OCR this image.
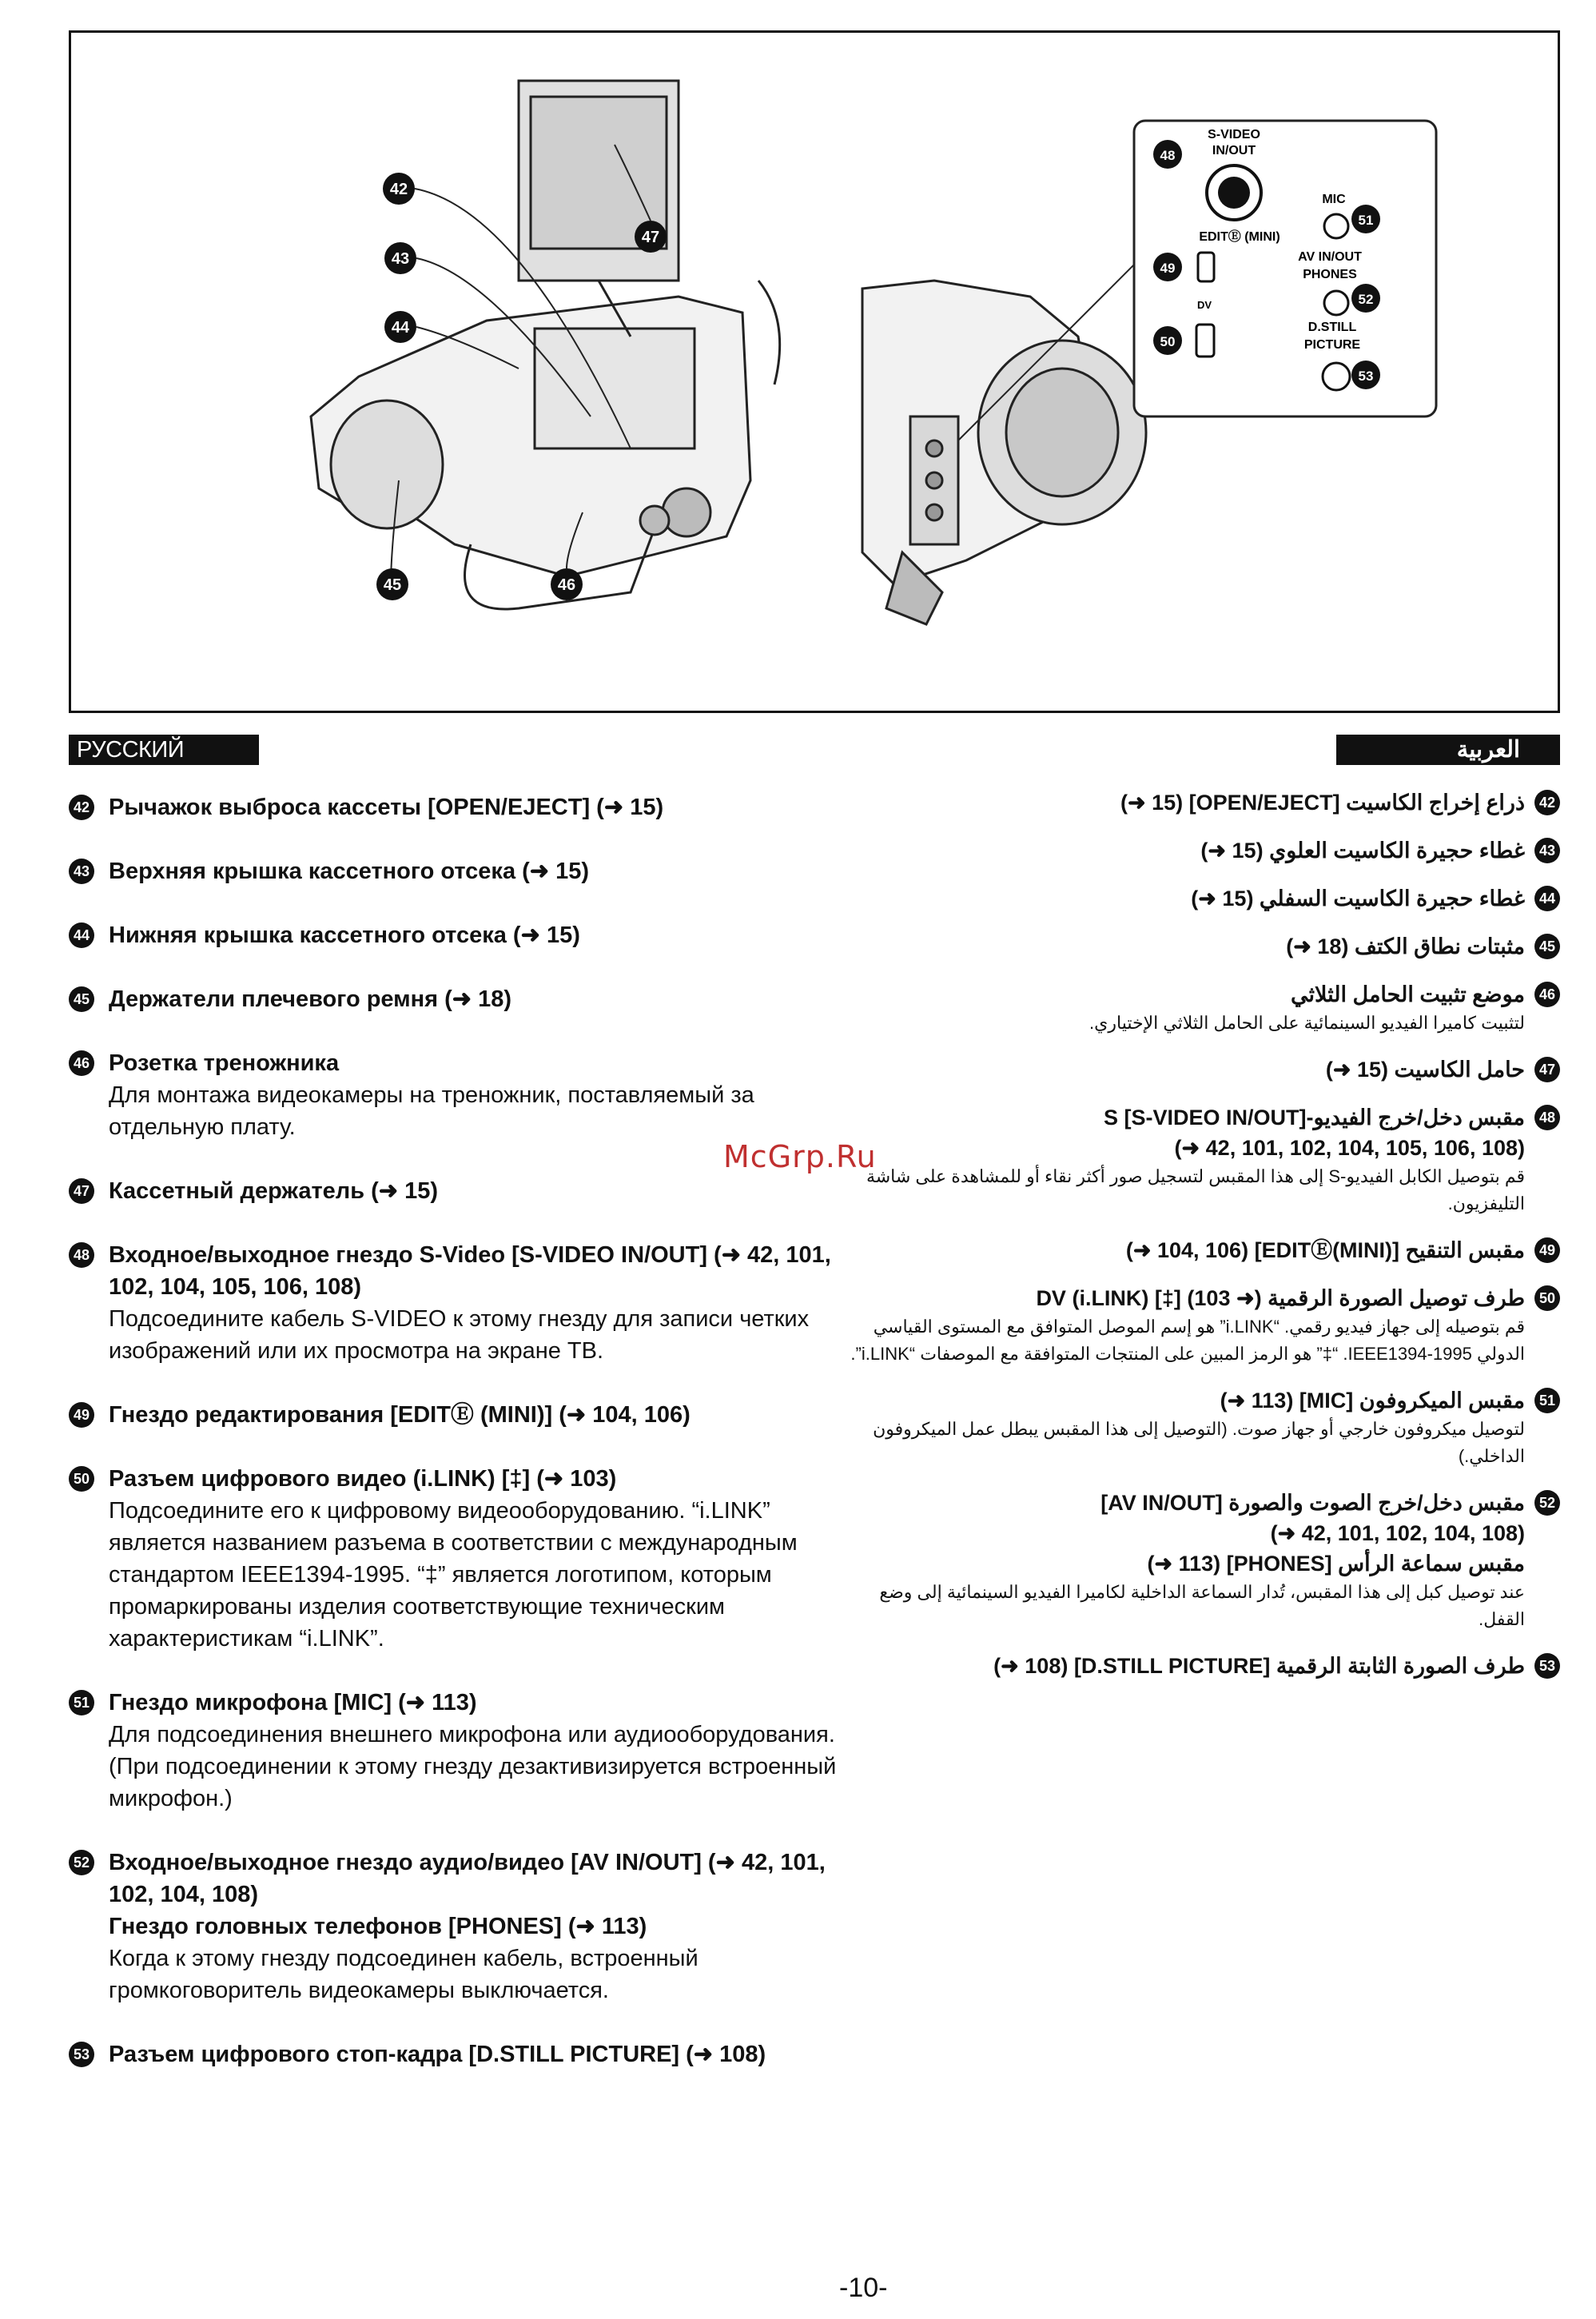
42
43
44
45	46
47
48
S-VIDEO
IN/OUT
EDITⒺ (MINI)
49
DV
50
MIC
51
AV IN/OUT
PHONES
52
D.STILL
PICTURE
53
РУССКИЙ ЯЗЫК
العربية
42 Рычажок выброса кассеты [OPEN/EJECT] (➜ 15)
43 Верхняя крышка кассетного отсека (➜ 15)
44 Нижняя крышка кассетного отсека (➜ 15)
45 Держатели плечевого ремня (➜ 18)
46 Розетка треножника
Для монтажа видеокамеры на треножник, поставляемый за отдельную плату.
47 Кассетный держатель (➜ 15)
48 Входное/выходное гнездо S-Video [S-VIDEO IN/OUT] (➜ 42, 101, 102, 104, 105, 106, 108)
Подсоедините кабель S-VIDEO к этому гнезду для записи четких изображений или их просмотра на экране ТВ.
49 Гнездо редактирования [EDITⒺ (MINI)] (➜ 104, 106)
50 Разъем цифрового видео (i.LINK) [‡] (➜ 103)
Подсоедините его к цифровому видеооборудованию. “i.LINK” является названием разъема в соответствии с международным стандартом IEEE1394-1995. “‡” является логотипом, которым промаркированы изделия соответствующие техническим характеристикам “i.LINK”.
51 Гнездо микрофона [MIC] (➜ 113)
Для подсоединения внешнего микрофона или аудиооборудования. (При подсоединении к этому гнезду дезактивизируется встроенный микрофон.)
52 Входное/выходное гнездо аудио/видео [AV IN/OUT] (➜ 42, 101, 102, 104, 108)
Гнездо головных телефонов [PHONES] (➜ 113)
Когда к этому гнезду подсоединен кабель, встроенный громкоговоритель видеокамеры выключается.
53 Разъем цифрового стоп-кадра [D.STILL PICTURE] (➜ 108)
42
ذراع إخراج الكاسيت [OPEN/EJECT] (15 ➜)
43
غطاء حجيرة الكاسيت العلوي (15 ➜)
44
غطاء حجيرة الكاسيت السفلي (15 ➜)
45
مثبتات نطاق الكتف (18 ➜)
46
موضع تثبيت الحامل الثلاثي
لتثبيت كاميرا الفيديو السينمائية على الحامل الثلاثي الإختياري.
47
حامل الكاسيت (15 ➜)
48
مقبس دخل/خرج الفيديو-S [S-VIDEO IN/OUT]
(➜ 42, 101, 102, 104, 105, 106, 108)
قم بتوصيل الكابل الفيديو-S إلى هذا المقبس لتسجيل صور أكثر نقاء أو للمشاهدة على شاشة التليفزيون.
49
مقبس التنقيح [EDITⒺ(MINI)] (104, 106 ➜)
50
طرف توصيل الصورة الرقمية DV (i.LINK) [‡] (103 ➜)
قم بتوصيله إلى جهاز فيديو رقمي. “i.LINK” هو إسم الموصل المتوافق مع المستوى القياسي الدولي IEEE1394-1995. “‡” هو الرمز المبين على المنتجات المتوافقة مع الموصفات “i.LINK”.
51
مقبس الميكروفون [MIC] (113 ➜)
لتوصيل ميكروفون خارجي أو جهاز صوت. (التوصيل إلى هذا المقبس يبطل عمل الميكروفون الداخلي.)
52
مقبس دخل/خرج الصوت والصورة [AV IN/OUT]
(➜ 42, 101, 102, 104, 108)
مقبس سماعة الرأس [PHONES] (113 ➜)
عند توصيل كبل إلى هذا المقبس، تُدار السماعة الداخلية لكاميرا الفيديو السينمائية إلى وضع القفل.
53
طرف الصورة الثابتة الرقمية [D.STILL PICTURE] (108 ➜)
McGrp.Ru
-10-
